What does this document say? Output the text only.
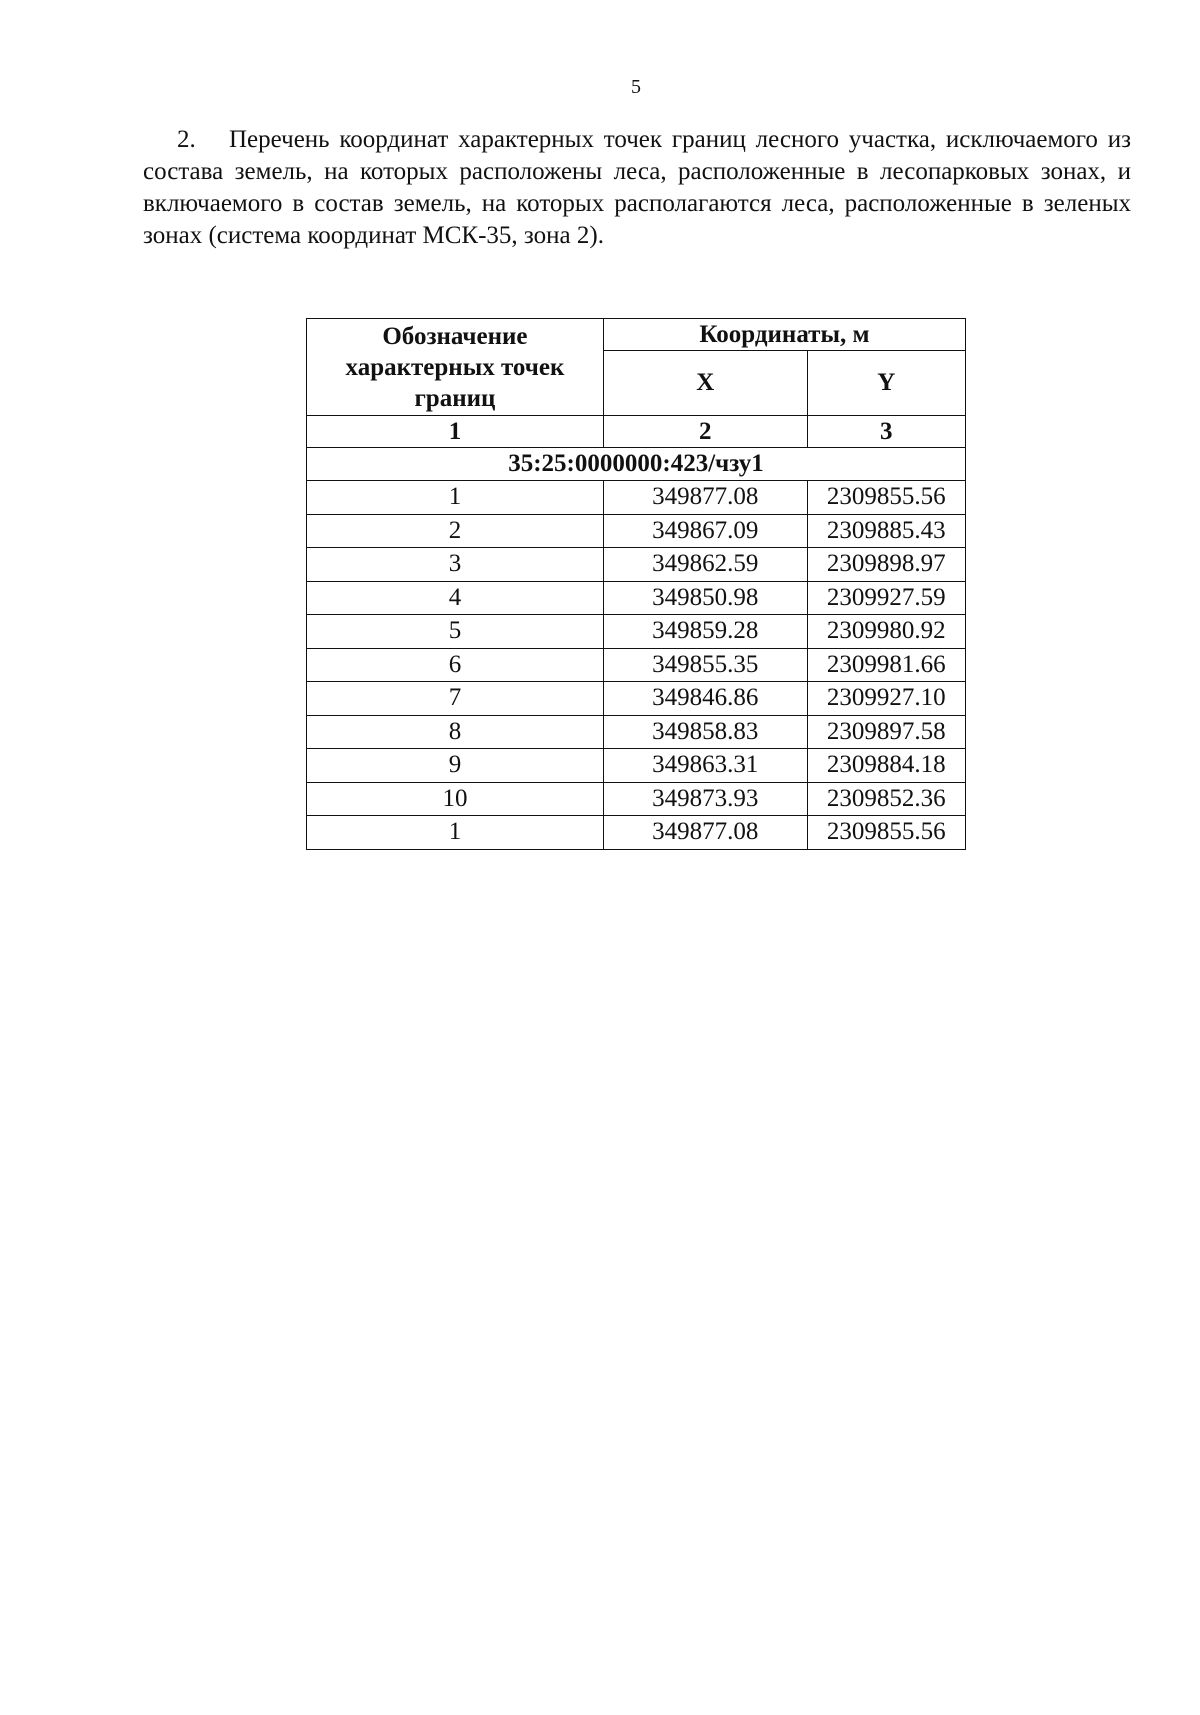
5
2. Перечень координат характерных точек границ лесного участка, исключаемого из состава земель, на которых расположены леса, расположенные в лесопарковых зонах, и включаемого в состав земель, на которых располагаются леса, расположенные в зеленых зонах (система координат МСК-35, зона 2).
Обозначение характерных точек границ	Координаты, м	
	X	Y
1	2	3
35:25:0000000:423/чзу1		
1	349877.08	2309855.56
2	349867.09	2309885.43
3	349862.59	2309898.97
4	349850.98	2309927.59
5	349859.28	2309980.92
6	349855.35	2309981.66
7	349846.86	2309927.10
8	349858.83	2309897.58
9	349863.31	2309884.18
10	349873.93	2309852.36
1	349877.08	2309855.56
